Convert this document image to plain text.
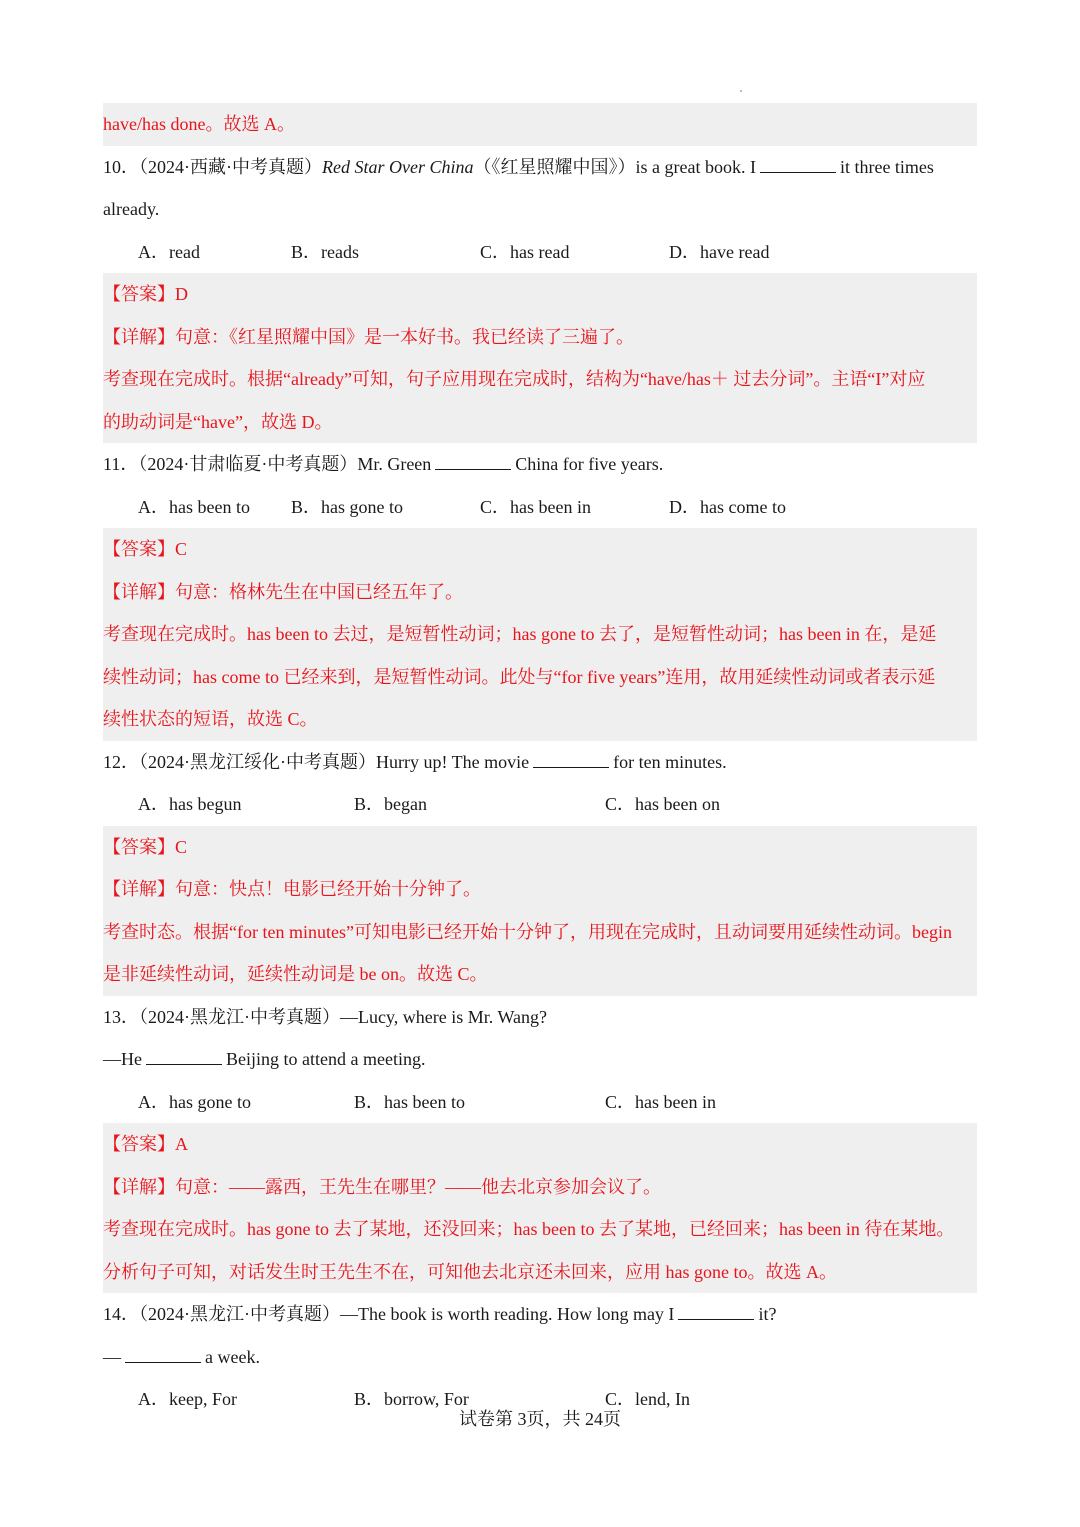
have/has done。故选 A。
10．（2024·西藏·中考真题）Red Star Over China（《红星照耀中国》）is a great book. I	it three times
already.
A．read	B．reads	C．has read	D．have read
【答案】D
【详解】句意：《红星照耀中国》是一本好书。我已经读了三遍了。
考查现在完成时。根据“already”可知，句子应用现在完成时，结构为“have/has＋ 过去分词”。主语“I”对应
的助动词是“have”，故选 D。
11．（2024·甘肃临夏·中考真题）Mr. Green	China for five years.
A．has been to B．has gone to	C．has been in	D．has come to
【答案】C
【详解】句意：格林先生在中国已经五年了。
考查现在完成时。has been to 去过，是短暂性动词；has gone to 去了，是短暂性动词；has been in 在，是延
续性动词；has come to 已经来到，是短暂性动词。此处与“for five years”连用，故用延续性动词或者表示延
续性状态的短语，故选 C。
12．（2024·黑龙江绥化·中考真题）Hurry up! The movie	for ten minutes.
A．has begun	B．began	C．has been on
【答案】C
【详解】句意：快点！电影已经开始十分钟了。
考查时态。根据“for ten minutes”可知电影已经开始十分钟了，用现在完成时，且动词要用延续性动词。begin
是非延续性动词，延续性动词是 be on。故选 C。
13．（2024·黑龙江·中考真题）—Lucy, where is Mr. Wang?
—He	Beijing to attend a meeting.
A．has gone to	B．has been to	C．has been in
【答案】A
【详解】句意：——露西，王先生在哪里？——他去北京参加会议了。
考查现在完成时。has gone to 去了某地，还没回来；has been to 去了某地，已经回来；has been in 待在某地。
分析句子可知，对话发生时王先生不在，可知他去北京还未回来，应用 has gone to。故选 A。
14．（2024·黑龙江·中考真题）—The book is worth reading. How long may I	it?
—	a week.
A．keep, For	B．borrow, For	C．lend, In
试卷第 3页，共 24页
